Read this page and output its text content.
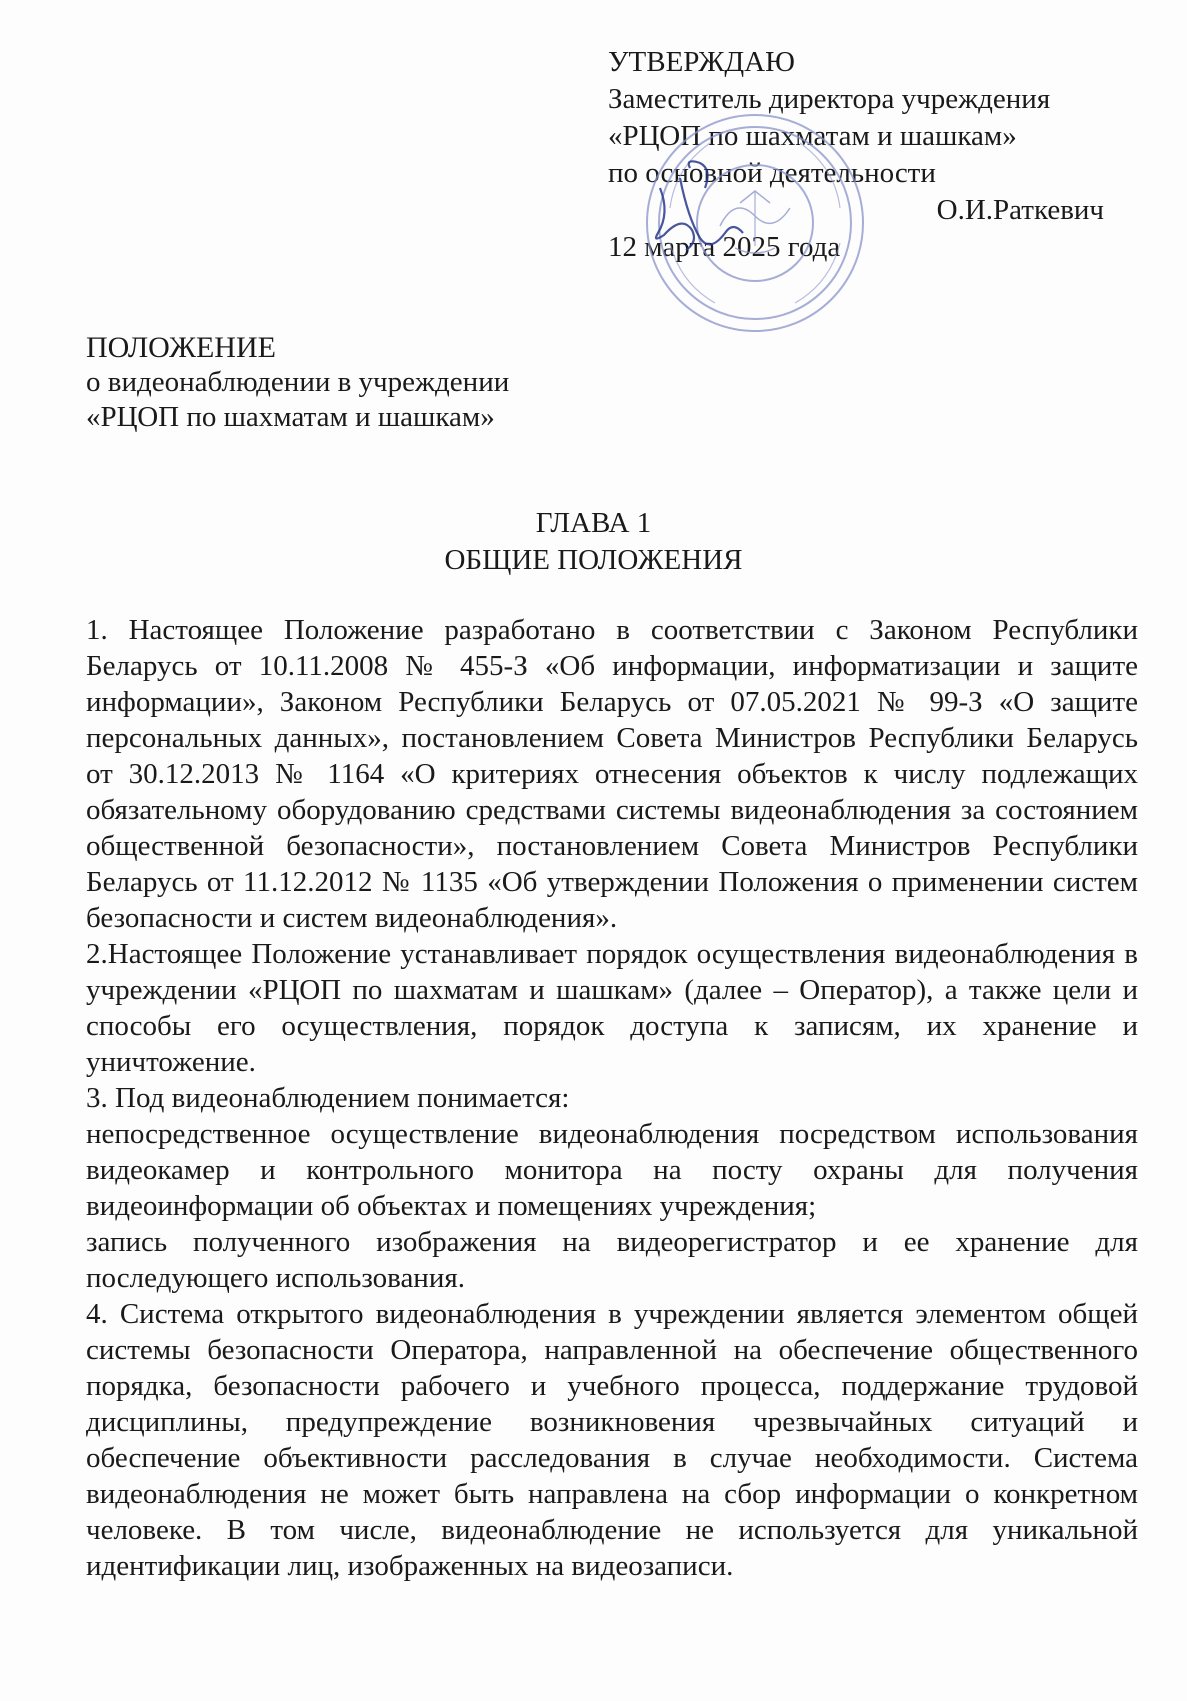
УТВЕРЖДАЮ
Заместитель директора учреждения
«РЦОП по шахматам и шашкам»
по основной деятельности
О.И.Раткевич
12 марта 2025 года
ПОЛОЖЕНИЕ
о видеонаблюдении в учреждении
«РЦОП по шахматам и шашкам»
ГЛАВА 1
ОБЩИЕ ПОЛОЖЕНИЯ

1. Настоящее Положение разработано в соответствии с Законом Республики Беларусь от 10.11.2008 № 455-З «Об информации, информатизации и защите информации», Законом Республики Беларусь от 07.05.2021 № 99-З «О защите персональных данных», постановлением Совета Министров Республики Беларусь от 30.12.2013 № 1164 «О критериях отнесения объектов к числу подлежащих обязательному оборудованию средствами системы видеонаблюдения за состоянием общественной безопасности», постановлением Совета Министров Республики Беларусь от 11.12.2012 № 1135 «Об утверждении Положения о применении систем безопасности и систем видеонаблюдения».

2.Настоящее Положение устанавливает порядок осуществления видеонаблюдения в учреждении «РЦОП по шахматам и шашкам» (далее – Оператор), а также цели и способы его осуществления, порядок доступа к записям, их хранение и уничтожение.

3. Под видеонаблюдением понимается:

непосредственное осуществление видеонаблюдения посредством использования видеокамер и контрольного монитора на посту охраны для получения видеоинформации об объектах и помещениях учреждения;

запись полученного изображения на видеорегистратор и ее хранение для последующего использования.

4. Система открытого видеонаблюдения в учреждении является элементом общей системы безопасности Оператора, направленной на обеспечение общественного порядка, безопасности рабочего и учебного процесса, поддержание трудовой дисциплины, предупреждение возникновения чрезвычайных ситуаций и обеспечение объективности расследования в случае необходимости. Система видеонаблюдения не может быть направлена на сбор информации о конкретном человеке. В том числе, видеонаблюдение не используется для уникальной идентификации лиц, изображенных на видеозаписи.
